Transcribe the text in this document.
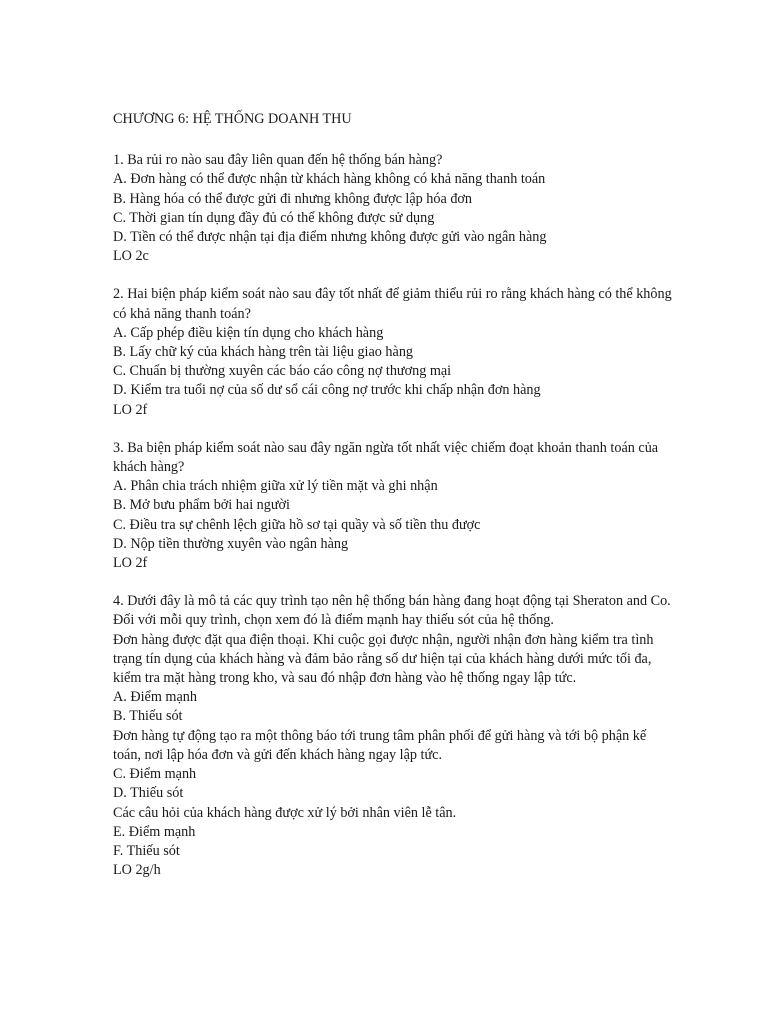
CHƯƠNG 6: HỆ THỐNG DOANH THU
1. Ba rủi ro nào sau đây liên quan đến hệ thống bán hàng?
A. Đơn hàng có thể được nhận từ khách hàng không có khả năng thanh toán
B. Hàng hóa có thể được gửi đi nhưng không được lập hóa đơn
C. Thời gian tín dụng đầy đủ có thể không được sử dụng
D. Tiền có thể được nhận tại địa điểm nhưng không được gửi vào ngân hàng
LO 2c
2. Hai biện pháp kiểm soát nào sau đây tốt nhất để giảm thiểu rủi ro rằng khách hàng có thể không có khả năng thanh toán?
A. Cấp phép điều kiện tín dụng cho khách hàng
B. Lấy chữ ký của khách hàng trên tài liệu giao hàng
C. Chuẩn bị thường xuyên các báo cáo công nợ thương mại
D. Kiểm tra tuổi nợ của số dư sổ cái công nợ trước khi chấp nhận đơn hàng
LO 2f
3. Ba biện pháp kiểm soát nào sau đây ngăn ngừa tốt nhất việc chiếm đoạt khoản thanh toán của khách hàng?
A. Phân chia trách nhiệm giữa xử lý tiền mặt và ghi nhận
B. Mở bưu phẩm bởi hai người
C. Điều tra sự chênh lệch giữa hồ sơ tại quầy và số tiền thu được
D. Nộp tiền thường xuyên vào ngân hàng
LO 2f
4. Dưới đây là mô tả các quy trình tạo nên hệ thống bán hàng đang hoạt động tại Sheraton and Co.
Đối với mỗi quy trình, chọn xem đó là điểm mạnh hay thiếu sót của hệ thống.
Đơn hàng được đặt qua điện thoại. Khi cuộc gọi được nhận, người nhận đơn hàng kiểm tra tình trạng tín dụng của khách hàng và đảm bảo rằng số dư hiện tại của khách hàng dưới mức tối đa, kiểm tra mặt hàng trong kho, và sau đó nhập đơn hàng vào hệ thống ngay lập tức.
A. Điểm mạnh
B. Thiếu sót
Đơn hàng tự động tạo ra một thông báo tới trung tâm phân phối để gửi hàng và tới bộ phận kế toán, nơi lập hóa đơn và gửi đến khách hàng ngay lập tức.
C. Điểm mạnh
D. Thiếu sót
Các câu hỏi của khách hàng được xử lý bởi nhân viên lễ tân.
E. Điểm mạnh
F. Thiếu sót
LO 2g/h
